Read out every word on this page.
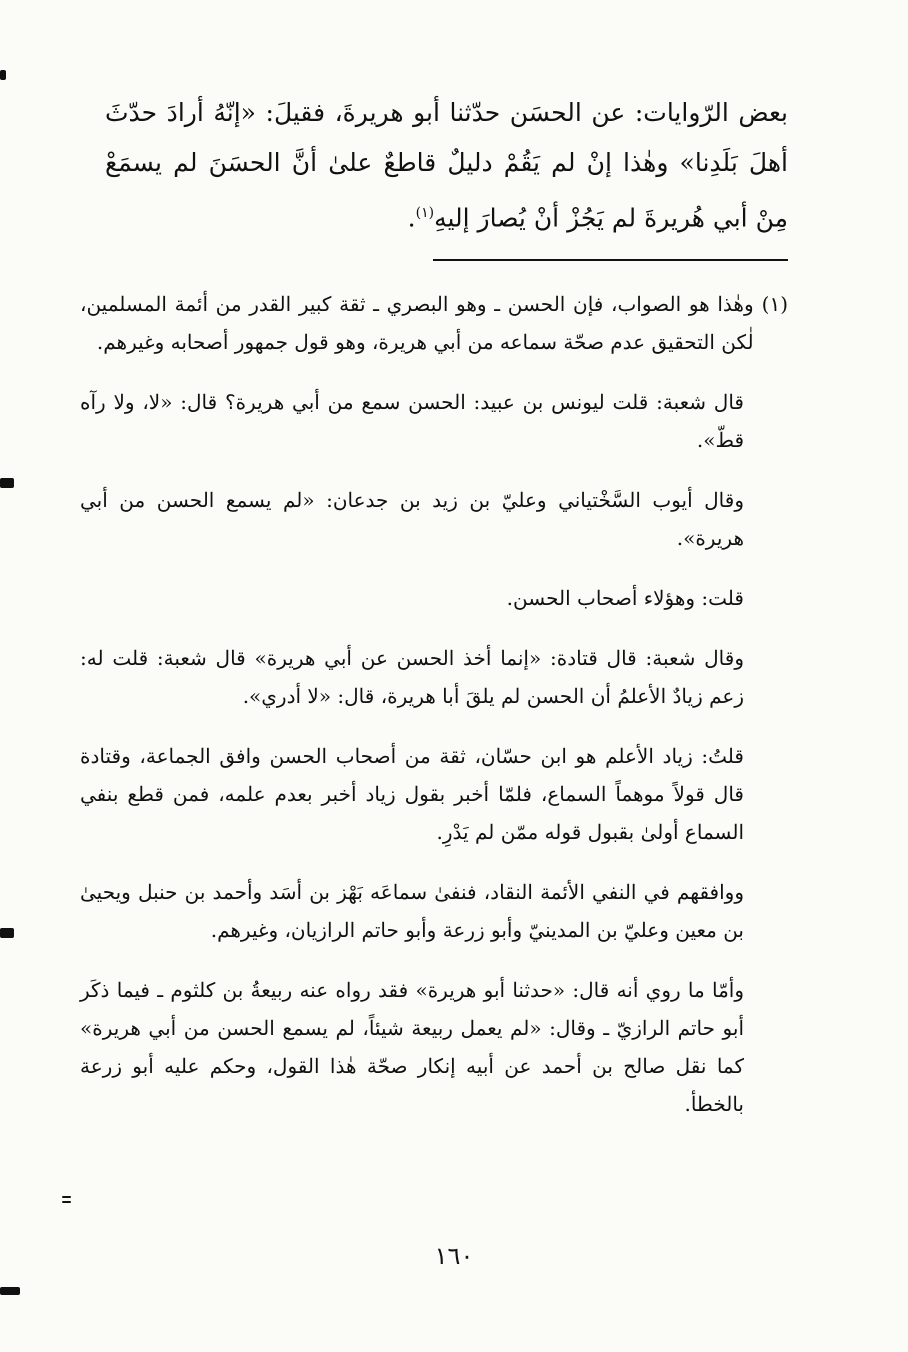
بعض الرّوايات: عن الحسَن حدّثنا أبو هريرةَ، فقيلَ: «إنّهُ أرادَ حدّثَ أهلَ بَلَدِنا» وهٰذا إنْ لم يَقُمْ دليلٌ قاطعٌ علىٰ أنَّ الحسَنَ لم يسمَعْ مِنْ أبي هُريرةَ لم يَجُزْ أنْ يُصارَ إليهِ$^{(١)}$.

(١)
وهٰذا هو الصواب، فإن الحسن ـ وهو البصري ـ ثقة كبير القدر من أئمة المسلمين، لٰكن التحقيق عدم صحّة سماعه من أبي هريرة، وهو قول جمهور أصحابه وغيرهم.

قال شعبة: قلت ليونس بن عبيد: الحسن سمع من أبي هريرة؟ قال: «لا، ولا رآه قطّ».

وقال أيوب السَّخْتياني وعليّ بن زيد بن جدعان: «لم يسمع الحسن من أبي هريرة».

قلت: وهؤلاء أصحاب الحسن.

وقال شعبة: قال قتادة: «إنما أخذ الحسن عن أبي هريرة» قال شعبة: قلت له: زعم زيادٌ الأعلمُ أن الحسن لم يلقَ أبا هريرة، قال: «لا أدري».

قلتُ: زياد الأعلم هو ابن حسّان، ثقة من أصحاب الحسن وافق الجماعة، وقتادة قال قولاً موهماً السماع، فلمّا أخبر بقول زياد أخبر بعدم علمه، فمن قطع بنفي السماع أولىٰ بقبول قوله ممّن لم يَدْرِ.

ووافقهم في النفي الأئمة النقاد، فنفىٰ سماعَه بَهْز بن أسَد وأحمد بن حنبل ويحيىٰ بن معين وعليّ بن المدينيّ وأبو زرعة وأبو حاتم الرازيان، وغيرهم.

وأمّا ما روي أنه قال: «حدثنا أبو هريرة» فقد رواه عنه ربيعةُ بن كلثوم ـ فيما ذكَر أبو حاتم الرازيّ ـ وقال: «لم يعمل ربيعة شيئاً، لم يسمع الحسن من أبي هريرة» كما نقل صالح بن أحمد عن أبيه إنكار صحّة هٰذا القول، وحكم عليه أبو زرعة بالخطأ.

١٦٠
